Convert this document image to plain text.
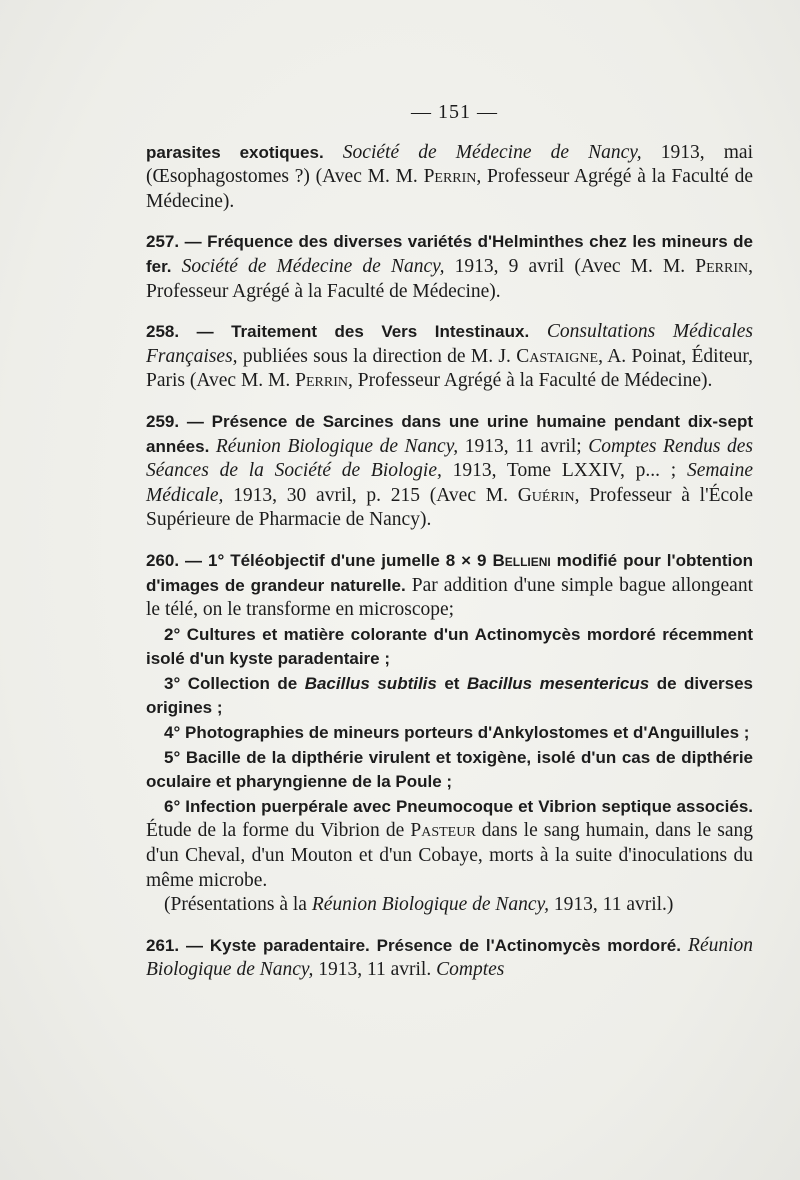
— 151 —

parasites exotiques. Société de Médecine de Nancy, 1913, mai (Œsophagostomes ?) (Avec M. M. Perrin, Professeur Agrégé à la Faculté de Médecine).

257. — Fréquence des diverses variétés d'Helminthes chez les mineurs de fer. Société de Médecine de Nancy, 1913, 9 avril (Avec M. M. Perrin, Professeur Agrégé à la Faculté de Médecine).

258. — Traitement des Vers Intestinaux. Consultations Médicales Françaises, publiées sous la direction de M. J. Castaigne, A. Poinat, Éditeur, Paris (Avec M. M. Perrin, Professeur Agrégé à la Faculté de Médecine).

259. — Présence de Sarcines dans une urine humaine pendant dix-sept années. Réunion Biologique de Nancy, 1913, 11 avril; Comptes Rendus des Séances de la Société de Biologie, 1913, Tome LXXIV, p... ; Semaine Médicale, 1913, 30 avril, p. 215 (Avec M. Guérin, Professeur à l'École Supérieure de Pharmacie de Nancy).

260. — 1° Téléobjectif d'une jumelle 8 × 9 Bellieni modifié pour l'obtention d'images de grandeur naturelle. Par addition d'une simple bague allongeant le télé, on le transforme en microscope;

2° Cultures et matière colorante d'un Actinomycès mordoré récemment isolé d'un kyste paradentaire ;

3° Collection de Bacillus subtilis et Bacillus mesentericus de diverses origines ;

4° Photographies de mineurs porteurs d'Ankylostomes et d'Anguillules ;

5° Bacille de la dipthérie virulent et toxigène, isolé d'un cas de dipthérie oculaire et pharyngienne de la Poule ;

6° Infection puerpérale avec Pneumocoque et Vibrion septique associés. Étude de la forme du Vibrion de Pasteur dans le sang humain, dans le sang d'un Cheval, d'un Mouton et d'un Cobaye, morts à la suite d'inoculations du même microbe.

(Présentations à la Réunion Biologique de Nancy, 1913, 11 avril.)

261. — Kyste paradentaire. Présence de l'Actinomycès mordoré. Réunion Biologique de Nancy, 1913, 11 avril. Comptes
